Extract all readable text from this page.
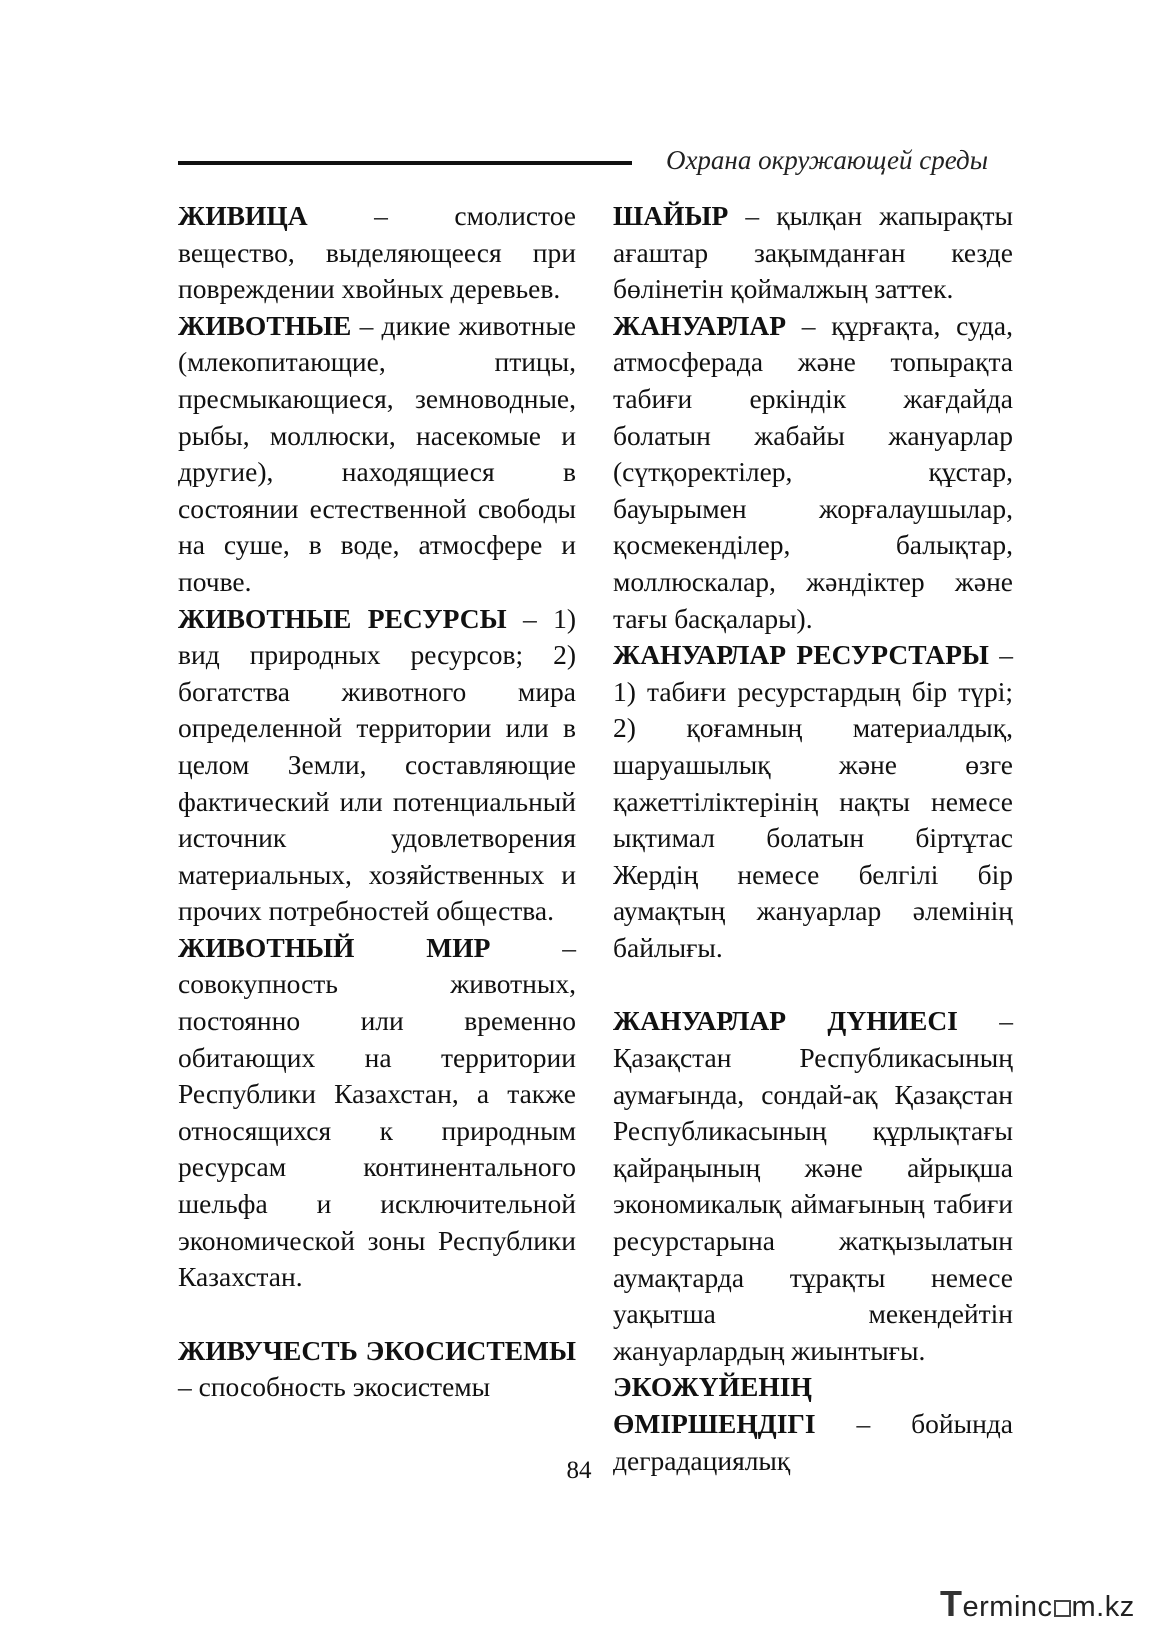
Охрана окружающей среды

ЖИВИЦА – смолистое вещество, выделяющееся при повреждении хвойных деревьев.

ЖИВОТНЫЕ – дикие животные (млекопитающие, птицы, пресмыкающиеся, земноводные, рыбы, моллюски, насекомые и другие), находящиеся в состоянии естественной свободы на суше, в воде, атмосфере и почве.

ЖИВОТНЫЕ РЕСУРСЫ – 1) вид природных ресурсов; 2) богатства животного мира определенной территории или в целом Земли, составляющие фактический или потенциальный источник удовлетворения материальных, хозяйственных и прочих потребностей общества.

ЖИВОТНЫЙ МИР – совокупность животных, постоянно или временно обитающих на территории Республики Казахстан, а также относящихся к природным ресурсам континентального шельфа и исключительной экономической зоны Республики Казахстан.

ЖИВУЧЕСТЬ ЭКОСИСТЕМЫ – способность экосистемы

ШАЙЫР – қылқан жапырақты ағаштар зақымданған кезде бөлінетін қоймалжың заттек.

ЖАНУАРЛАР – құрғақта, суда, атмосферада және топырақта табиғи еркіндік жағдайда болатын жабайы жануарлар (сүтқоректілер, құстар, бауырымен жорғалаушылар, қосмекенділер, балықтар, моллюскалар, жәндіктер және тағы басқалары).

ЖАНУАРЛАР РЕСУРСТАРЫ – 1) табиғи ресурстардың бір түрі; 2) қоғамның материалдық, шаруашылық және өзге қажеттіліктерінің нақты немесе ықтимал болатын біртұтас Жердің немесе белгілі бір аумақтың жануарлар әлемінің байлығы.

ЖАНУАРЛАР ДҮНИЕСІ – Қазақстан Республикасының аумағында, сондай-ақ Қазақстан Республикасының құрлықтағы қайраңының және айрықша экономикалық аймағының табиғи ресурстарына жатқызылатын аумақтарда тұрақты немесе уақытша мекендейтін жануарлардың жиынтығы.

ЭКОЖҮЙЕНІҢ ӨМІРШЕҢДІГІ – бойында деградациялық

84
Terminc m.kz
